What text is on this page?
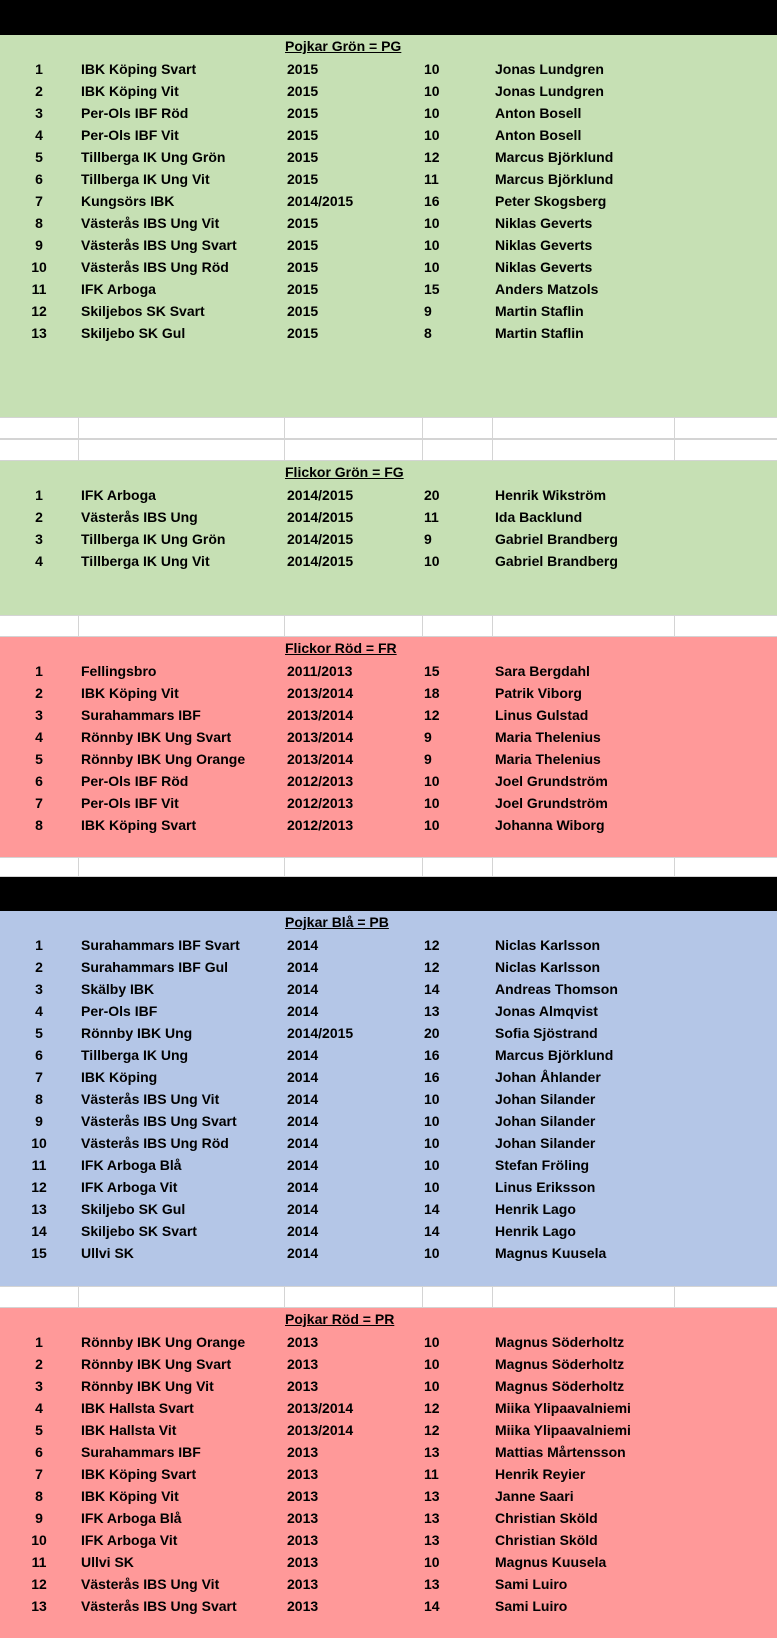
Pojkar Grön = PG
1	IBK Köping Svart	2015	10	Jonas Lundgren
2	IBK Köping Vit	2015	10	Jonas Lundgren
3	Per-Ols IBF Röd	2015	10	Anton Bosell
4	Per-Ols IBF Vit	2015	10	Anton Bosell
5	Tillberga IK Ung Grön	2015	12	Marcus Björklund
6	Tillberga IK Ung Vit	2015	11	Marcus Björklund
7	Kungsörs IBK	2014/2015	16	Peter Skogsberg
8	Västerås IBS Ung Vit	2015	10	Niklas Geverts
9	Västerås IBS Ung Svart	2015	10	Niklas Geverts
10	Västerås IBS Ung Röd	2015	10	Niklas Geverts
11	IFK Arboga	2015	15	Anders Matzols
12	Skiljebos SK Svart	2015	9	Martin Staflin
13	Skiljebo SK Gul	2015	8	Martin Staflin
Flickor Grön = FG
1	IFK Arboga	2014/2015	20	Henrik Wikström
2	Västerås IBS Ung	2014/2015	11	Ida Backlund
3	Tillberga IK Ung Grön	2014/2015	9	Gabriel Brandberg
4	Tillberga IK Ung Vit	2014/2015	10	Gabriel Brandberg
Flickor Röd = FR
1	Fellingsbro	2011/2013	15	Sara Bergdahl
2	IBK Köping Vit	2013/2014	18	Patrik Viborg
3	Surahammars IBF	2013/2014	12	Linus Gulstad
4	Rönnby IBK Ung Svart	2013/2014	9	Maria Thelenius
5	Rönnby IBK Ung Orange	2013/2014	9	Maria Thelenius
6	Per-Ols IBF Röd	2012/2013	10	Joel Grundström
7	Per-Ols IBF Vit	2012/2013	10	Joel Grundström
8	IBK Köping Svart	2012/2013	10	Johanna Wiborg
Pojkar Blå = PB
1	Surahammars IBF Svart	2014	12	Niclas Karlsson
2	Surahammars IBF Gul	2014	12	Niclas Karlsson
3	Skälby IBK	2014	14	Andreas Thomson
4	Per-Ols IBF	2014	13	Jonas Almqvist
5	Rönnby IBK Ung	2014/2015	20	Sofia Sjöstrand
6	Tillberga IK Ung	2014	16	Marcus Björklund
7	IBK Köping	2014	16	Johan Åhlander
8	Västerås IBS Ung Vit	2014	10	Johan Silander
9	Västerås IBS Ung Svart	2014	10	Johan Silander
10	Västerås IBS Ung Röd	2014	10	Johan Silander
11	IFK Arboga Blå	2014	10	Stefan Fröling
12	IFK Arboga Vit	2014	10	Linus Eriksson
13	Skiljebo SK Gul	2014	14	Henrik Lago
14	Skiljebo SK Svart	2014	14	Henrik Lago
15	Ullvi SK	2014	10	Magnus Kuusela
Pojkar Röd = PR
1	Rönnby IBK Ung Orange	2013	10	Magnus Söderholtz
2	Rönnby IBK Ung Svart	2013	10	Magnus Söderholtz
3	Rönnby IBK Ung Vit	2013	10	Magnus Söderholtz
4	IBK Hallsta Svart	2013/2014	12	Miika Ylipaavalniemi
5	IBK Hallsta Vit	2013/2014	12	Miika Ylipaavalniemi
6	Surahammars IBF	2013	13	Mattias Mårtensson
7	IBK Köping Svart	2013	11	Henrik Reyier
8	IBK Köping Vit	2013	13	Janne Saari
9	IFK Arboga Blå	2013	13	Christian Sköld
10	IFK Arboga Vit	2013	13	Christian Sköld
11	Ullvi SK	2013	10	Magnus Kuusela
12	Västerås IBS Ung Vit	2013	13	Sami Luiro
13	Västerås IBS Ung Svart	2013	14	Sami Luiro
